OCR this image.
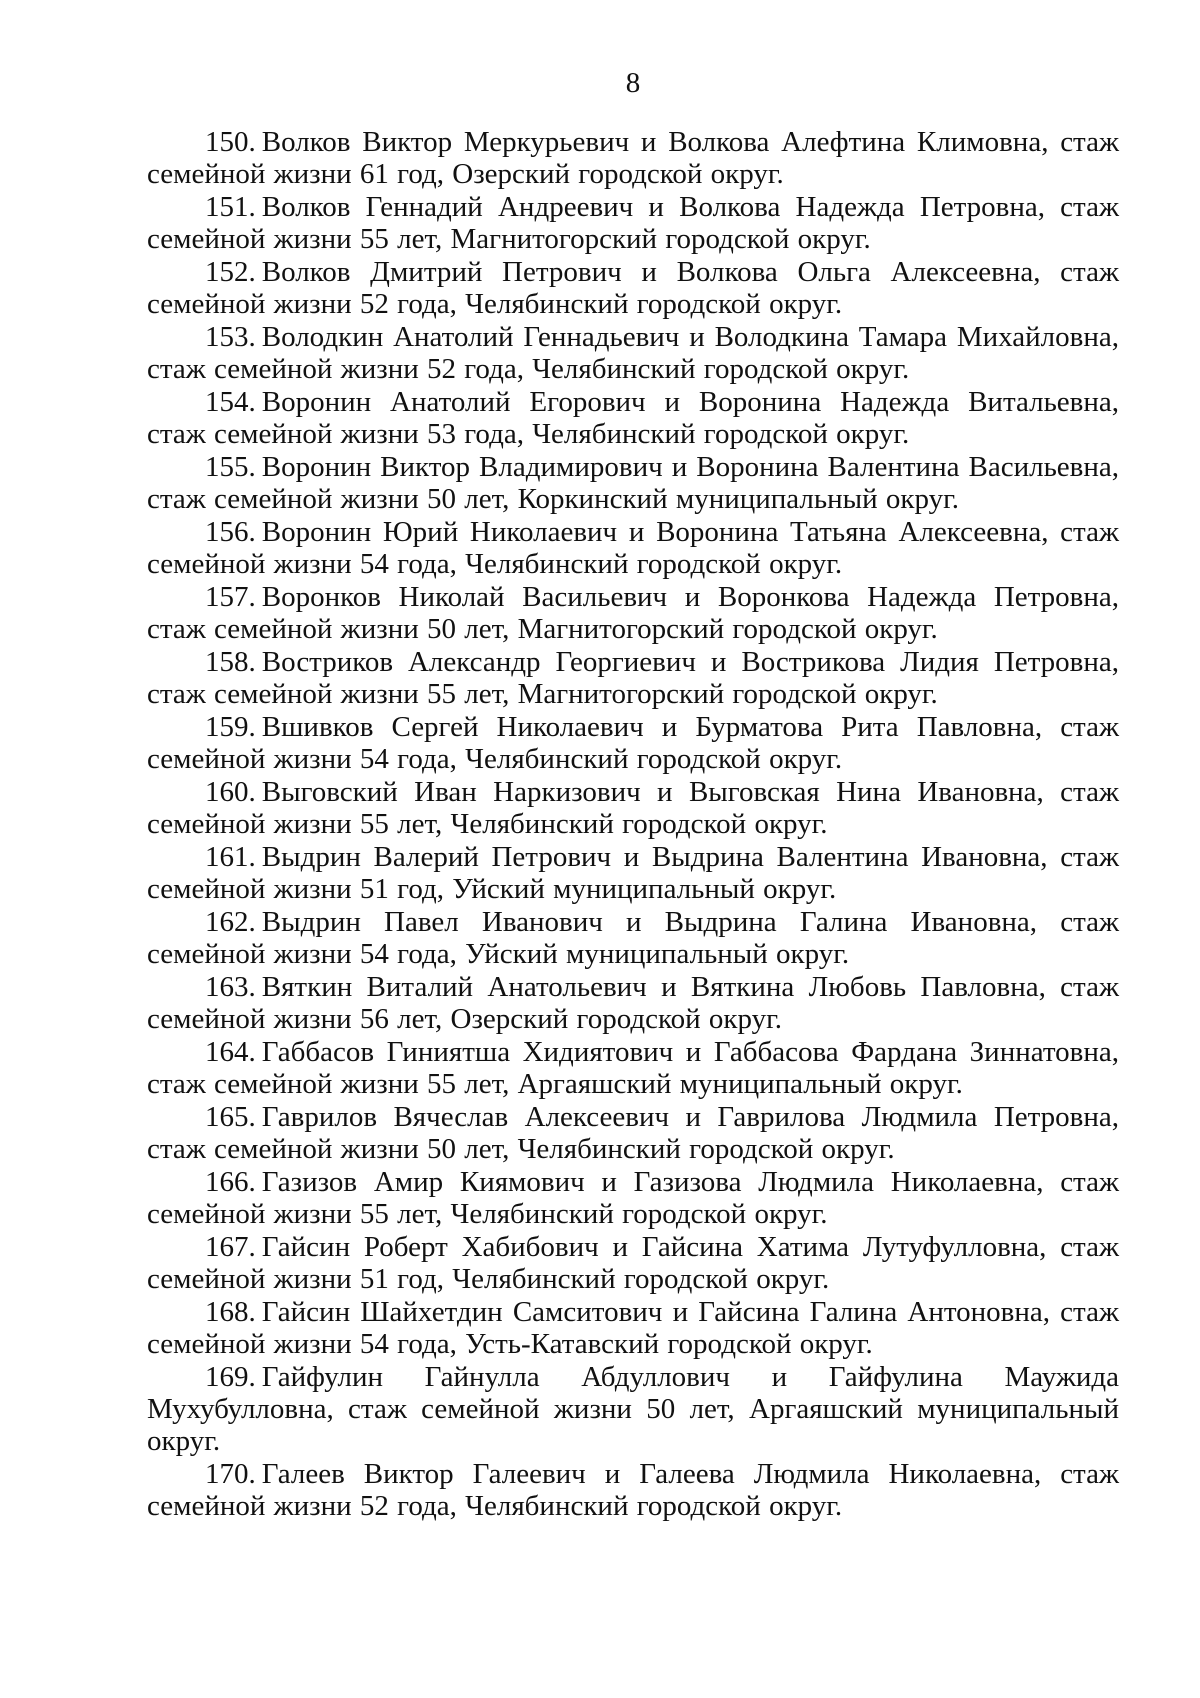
8
150. Волков Виктор Меркурьевич и Волкова Алефтина Климовна, стаж семейной жизни 61 год, Озерский городской округ.
151. Волков Геннадий Андреевич и Волкова Надежда Петровна, стаж семейной жизни 55 лет, Магнитогорский городской округ.
152. Волков Дмитрий Петрович и Волкова Ольга Алексеевна, стаж семейной жизни 52 года, Челябинский городской округ.
153. Володкин Анатолий Геннадьевич и Володкина Тамара Михайловна, стаж семейной жизни 52 года, Челябинский городской округ.
154. Воронин Анатолий Егорович и Воронина Надежда Витальевна, стаж семейной жизни 53 года, Челябинский городской округ.
155. Воронин Виктор Владимирович и Воронина Валентина Васильевна, стаж семейной жизни 50 лет, Коркинский муниципальный округ.
156. Воронин Юрий Николаевич и Воронина Татьяна Алексеевна, стаж семейной жизни 54 года, Челябинский городской округ.
157. Воронков Николай Васильевич и Воронкова Надежда Петровна, стаж семейной жизни 50 лет, Магнитогорский городской округ.
158. Востриков Александр Георгиевич и Вострикова Лидия Петровна, стаж семейной жизни 55 лет, Магнитогорский городской округ.
159. Вшивков Сергей Николаевич и Бурматова Рита Павловна, стаж семейной жизни 54 года, Челябинский городской округ.
160. Выговский Иван Наркизович и Выговская Нина Ивановна, стаж семейной жизни 55 лет, Челябинский городской округ.
161. Выдрин Валерий Петрович и Выдрина Валентина Ивановна, стаж семейной жизни 51 год, Уйский муниципальный округ.
162. Выдрин Павел Иванович и Выдрина Галина Ивановна, стаж семейной жизни 54 года, Уйский муниципальный округ.
163. Вяткин Виталий Анатольевич и Вяткина Любовь Павловна, стаж семейной жизни 56 лет, Озерский городской округ.
164. Габбасов Гиниятша Хидиятович и Габбасова Фардана Зиннатовна, стаж семейной жизни 55 лет, Аргаяшский муниципальный округ.
165. Гаврилов Вячеслав Алексеевич и Гаврилова Людмила Петровна, стаж семейной жизни 50 лет, Челябинский городской округ.
166. Газизов Амир Киямович и Газизова Людмила Николаевна, стаж семейной жизни 55 лет, Челябинский городской округ.
167. Гайсин Роберт Хабибович и Гайсина Хатима Лутуфулловна, стаж семейной жизни 51 год, Челябинский городской округ.
168. Гайсин Шайхетдин Самситович и Гайсина Галина Антоновна, стаж семейной жизни 54 года, Усть-Катавский городской округ.
169. Гайфулин Гайнулла Абдуллович и Гайфулина Маужида Мухубулловна, стаж семейной жизни 50 лет, Аргаяшский муниципальный округ.
170. Галеев Виктор Галеевич и Галеева Людмила Николаевна, стаж семейной жизни 52 года, Челябинский городской округ.
